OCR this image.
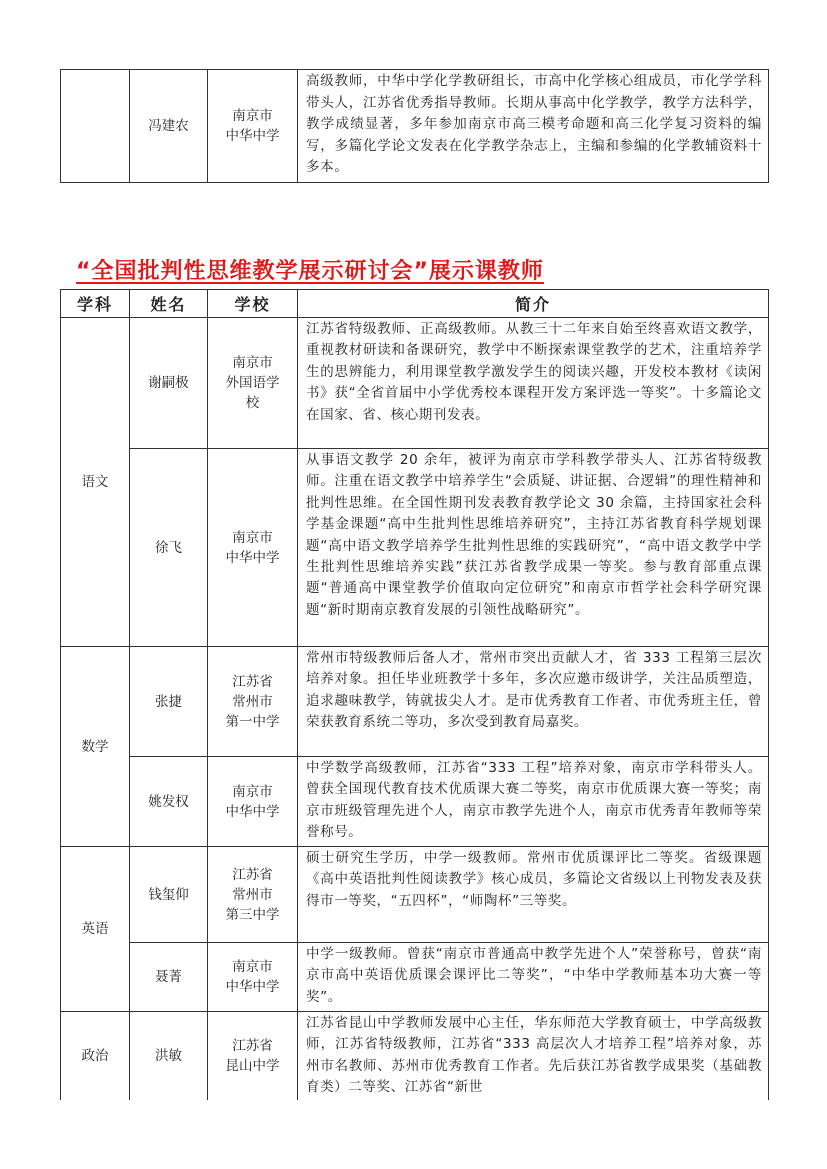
	冯建农	南京市
中华中学	高级教师，中华中学化学教研组长，市高中化学核心组成员，市化学学科带头人，江苏省优秀指导教师。长期从事高中化学教学，教学方法科学，教学成绩显著，多年参加南京市高三模考命题和高三化学复习资料的编写，多篇化学论文发表在化学教学杂志上，主编和参编的化学教辅资料十多本。
“全国批判性思维教学展示研讨会”展示课教师
学科	姓名	学校	简介
语文	谢嗣极	南京市
外国语学
校	江苏省特级教师、正高级教师。从教三十二年来自始至终喜欢语文教学，重视教材研读和备课研究，教学中不断探索课堂教学的艺术，注重培养学生的思辨能力，利用课堂教学激发学生的阅读兴趣，开发校本教材《读闲书》获“全省首届中小学优秀校本课程开发方案评选一等奖”。十多篇论文在国家、省、核心期刊发表。
	徐飞	南京市
中华中学	从事语文教学 20 余年，被评为南京市学科教学带头人、江苏省特级教师。注重在语文教学中培养学生“会质疑、讲证据、合逻辑”的理性精神和批判性思维。在全国性期刊发表教育教学论文 30 余篇，主持国家社会科学基金课题“高中生批判性思维培养研究”，主持江苏省教育科学规划课题“高中语文教学培养学生批判性思维的实践研究”，“高中语文教学中学生批判性思维培养实践”获江苏省教学成果一等奖。参与教育部重点课题“普通高中课堂教学价值取向定位研究”和南京市哲学社会科学研究课题“新时期南京教育发展的引领性战略研究”。
数学	张捷	江苏省
常州市
第一中学	常州市特级教师后备人才，常州市突出贡献人才，省 333 工程第三层次培养对象。担任毕业班教学十多年，多次应邀市级讲学，关注品质塑造，追求趣味教学，铸就拔尖人才。是市优秀教育工作者、市优秀班主任，曾荣获教育系统二等功，多次受到教育局嘉奖。
	姚发权	南京市
中华中学	中学数学高级教师，江苏省“333 工程”培养对象，南京市学科带头人。曾获全国现代教育技术优质课大赛二等奖，南京市优质课大赛一等奖；南京市班级管理先进个人，南京市教学先进个人，南京市优秀青年教师等荣誉称号。
英语	钱玺仰	江苏省
常州市
第三中学	硕士研究生学历，中学一级教师。常州市优质课评比二等奖。省级课题《高中英语批判性阅读教学》核心成员，多篇论文省级以上刊物发表及获得市一等奖，“五四杯”，“师陶杯”三等奖。
	聂菁	南京市
中华中学	中学一级教师。曾获“南京市普通高中教学先进个人”荣誉称号，曾获“南京市高中英语优质课会课评比二等奖”，“中华中学教师基本功大赛一等奖”。
政治	洪敏	江苏省
昆山中学	江苏省昆山中学教师发展中心主任，华东师范大学教育硕士，中学高级教师，江苏省特级教师，江苏省“333 高层次人才培养工程”培养对象，苏州市名教师、苏州市优秀教育工作者。先后获江苏省教学成果奖（基础教育类）二等奖、江苏省“新世
